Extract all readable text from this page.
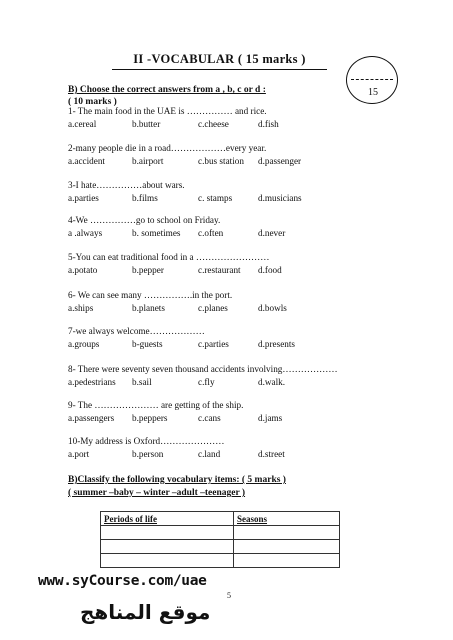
II -VOCABULAR ( 15 marks )
15
B) Choose the correct answers from a , b, c or d :
( 10 marks )
1- The main food in the UAE is …………… and rice.
a.cereal	b.butter	c.cheese	d.fish
2-many people die in a road………………every year.
a.accident	b.airport	c.bus station d.passenger
3-I hate……………about wars.
a.parties	b.films	c. stamps	d.musicians
4-We ……………go to school on Friday.
a .always	b. sometimes c.often	d.never
5-You can eat traditional food in a ……………………
a.potato	b.pepper	c.restaurant d.food
6- We can see many …………….in the port.
a.ships	b.planets	c.planes	d.bowls
7-we always welcome………………
a.groups	b-guests	c.parties	d.presents
8- There were seventy seven thousand accidents involving………………
a.pedestrians b.sail	c.fly	d.walk.
9- The ………………… are getting of the ship.
a.passengers b.peppers	c.cans	d.jams
10-My address is Oxford…………………
a.port	b.person	c.land	d.street
B)Classify the following vocabulary items: ( 5 marks )
( summer –baby – winter –adult –teenager )
Periods of life	Seasons

www.syCourse.com/uae
5
موقع المناهج
